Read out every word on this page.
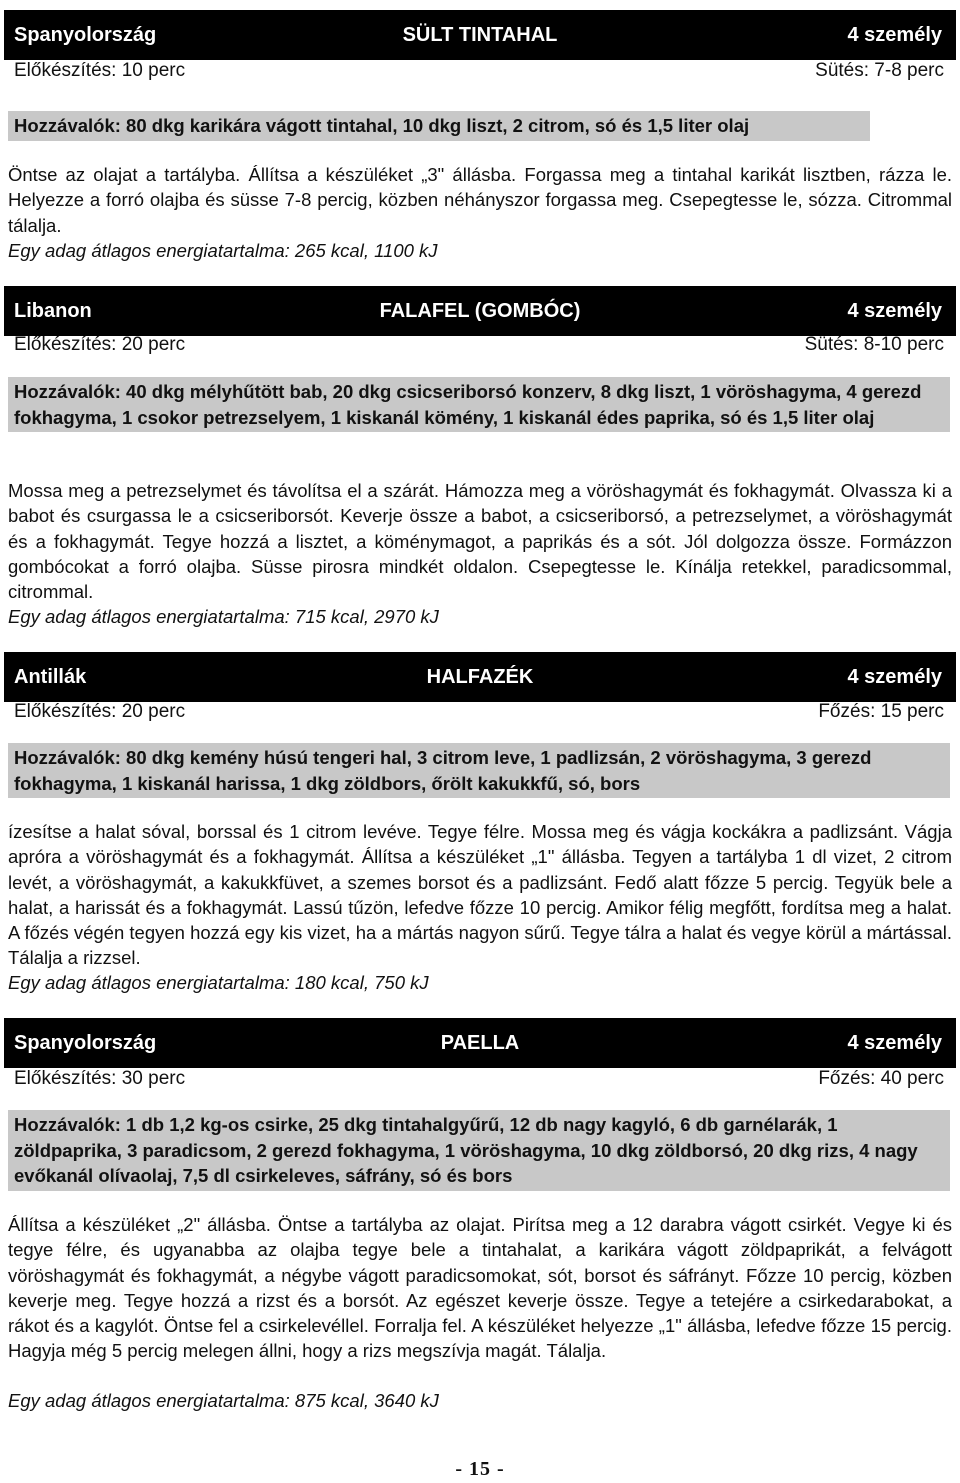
Spanyolország	SÜLT TINTAHAL	4 személy
Előkészítés: 10 perc	Sütés: 7-8 perc
Hozzávalók: 80 dkg karikára vágott tintahal, 10 dkg liszt, 2 citrom, só és 1,5 liter olaj

Öntse az olajat a tartályba. Állítsa a készüléket „3" állásba. Forgassa meg a tintahal karikát lisztben, rázza le. Helyezze a forró olajba és süsse 7-8 percig, közben néhányszor forgassa meg. Csepegtesse le, sózza. Citrommal tálalja.

Egy adag átlagos energiatartalma: 265 kcal, 1100 kJ
Libanon	FALAFEL (GOMBÓC)	4 személy
Előkészítés: 20 perc	Sütés: 8-10 perc
Hozzávalók: 40 dkg mélyhűtött bab, 20 dkg csicseriborsó konzerv, 8 dkg liszt, 1 vöröshagyma, 4 gerezd fokhagyma, 1 csokor petrezselyem, 1 kiskanál kömény, 1 kiskanál édes paprika, só és 1,5 liter olaj

Mossa meg a petrezselymet és távolítsa el a szárát. Hámozza meg a vöröshagymát és fokhagymát. Olvassza ki a babot és csurgassa le a csicseriborsót. Keverje össze a babot, a csicseriborsó, a petrezselymet, a vöröshagymát és a fokhagymát. Tegye hozzá a lisztet, a köménymagot, a paprikás és a sót. Jól dolgozza össze. Formázzon gombócokat a forró olajba. Süsse pirosra mindkét oldalon. Csepegtesse le. Kínálja retekkel, paradicsommal, citrommal.

Egy adag átlagos energiatartalma: 715 kcal, 2970 kJ
Antillák	HALFAZÉK	4 személy
Előkészítés: 20 perc	Főzés: 15 perc
Hozzávalók: 80 dkg kemény húsú tengeri hal, 3 citrom leve, 1 padlizsán, 2 vöröshagyma, 3 gerezd fokhagyma, 1 kiskanál harissa, 1 dkg zöldbors, őrölt kakukkfű, só, bors

ízesítse a halat sóval, borssal és 1 citrom levéve. Tegye félre. Mossa meg és vágja kockákra a padlizsánt. Vágja apróra a vöröshagymát és a fokhagymát. Állítsa a készüléket „1" állásba. Tegyen a tartályba 1 dl vizet, 2 citrom levét, a vöröshagymát, a kakukkfüvet, a szemes borsot és a padlizsánt. Fedő alatt főzze 5 percig. Tegyük bele a halat, a harissát és a fokhagymát. Lassú tűzön, lefedve főzze 10 percig. Amikor félig megfőtt, fordítsa meg a halat. A főzés végén tegyen hozzá egy kis vizet, ha a mártás nagyon sűrű. Tegye tálra a halat és vegye körül a mártással. Tálalja a rizzsel.

Egy adag átlagos energiatartalma: 180 kcal, 750 kJ
Spanyolország	PAELLA	4 személy
Előkészítés: 30 perc	Főzés: 40 perc
Hozzávalók: 1 db 1,2 kg-os csirke, 25 dkg tintahalgyűrű, 12 db nagy kagyló, 6 db garnélarák, 1 zöldpaprika, 3 paradicsom, 2 gerezd fokhagyma, 1 vöröshagyma, 10 dkg zöldborsó, 20 dkg rizs, 4 nagy evőkanál olívaolaj, 7,5 dl csirkeleves, sáfrány, só és bors

Állítsa a készüléket „2" állásba. Öntse a tartályba az olajat. Pirítsa meg a 12 darabra vágott csirkét. Vegye ki és tegye félre, és ugyanabba az olajba tegye bele a tintahalat, a karikára vágott zöldpaprikát, a felvágott vöröshagymát és fokhagymát, a négybe vágott paradicsomokat, sót, borsot és sáfrányt. Főzze 10 percig, közben keverje meg. Tegye hozzá a rizst és a borsót. Az egészet keverje össze. Tegye a tetejére a csirkedarabokat, a rákot és a kagylót. Öntse fel a csirkelevéllel. Forralja fel. A készüléket helyezze „1" állásba, lefedve főzze 15 percig. Hagyja még 5 percig melegen állni, hogy a rizs megszívja magát. Tálalja.

Egy adag átlagos energiatartalma: 875 kcal, 3640 kJ
- 15 -
